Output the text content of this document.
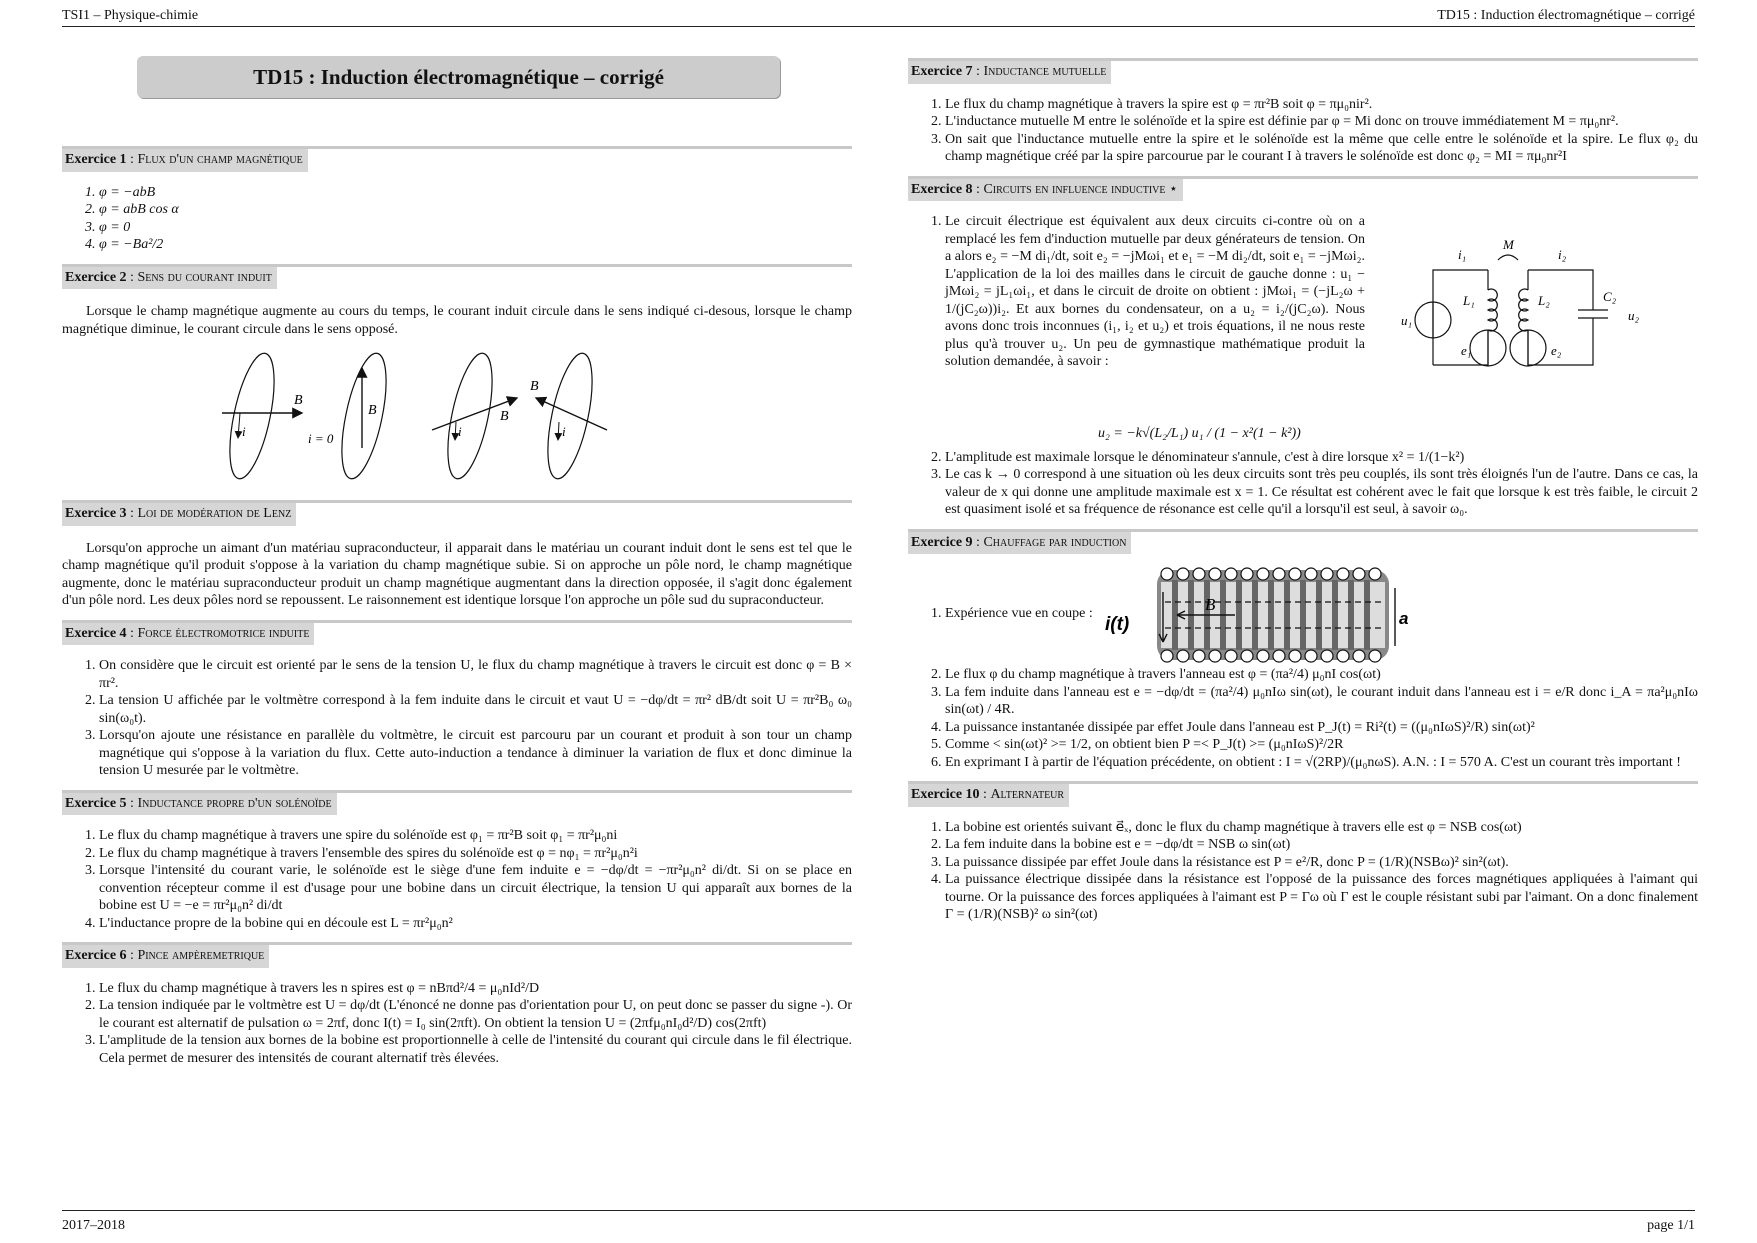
TSI1 – Physique-chimie	TD15 : Induction électromagnétique – corrigé
TD15 : Induction électromagnétique – corrigé
Exercice 1 : Flux d'un champ magnétique
1. φ = −abB
2. φ = abB cos α
3. φ = 0
4. φ = −Ba²/2
Exercice 2 : Sens du courant induit

Lorsque le champ magnétique augmente au cours du temps, le courant induit circule dans le sens indiqué ci-desous, lorsque le champ magnétique diminue, le courant circule dans le sens opposé.

B⃗
i
B⃗
i = 0
B⃗
i
B⃗
i
Exercice 3 : Loi de modération de Lenz

Lorsqu'on approche un aimant d'un matériau supraconducteur, il apparait dans le matériau un courant induit dont le sens est tel que le champ magnétique qu'il produit s'oppose à la variation du champ magnétique subie. Si on approche un pôle nord, le champ magnétique augmente, donc le matériau supraconducteur produit un champ magnétique augmentant dans la direction opposée, il s'agit donc également d'un pôle nord. Les deux pôles nord se repoussent. Le raisonnement est identique lorsque l'on approche un pôle sud du supraconducteur.

Exercice 4 : Force électromotrice induite
1. On considère que le circuit est orienté par le sens de la tension U, le flux du champ magnétique à travers le circuit est donc φ = B × πr².
2. La tension U affichée par le voltmètre correspond à la fem induite dans le circuit et vaut U = −dφ/dt = πr² dB/dt soit U = πr²B₀ ω₀ sin(ω₀t).
3. Lorsqu'on ajoute une résistance en parallèle du voltmètre, le circuit est parcouru par un courant et produit à son tour un champ magnétique qui s'oppose à la variation du flux. Cette auto-induction a tendance à diminuer la variation de flux et donc diminue la tension U mesurée par le voltmètre.
Exercice 5 : Inductance propre d'un solénoïde
1. Le flux du champ magnétique à travers une spire du solénoïde est φ₁ = πr²B soit φ₁ = πr²μ₀ni
2. Le flux du champ magnétique à travers l'ensemble des spires du solénoïde est φ = nφ₁ = πr²μ₀n²i
3. Lorsque l'intensité du courant varie, le solénoïde est le siège d'une fem induite e = −dφ/dt = −πr²μ₀n² di/dt. Si on se place en convention récepteur comme il est d'usage pour une bobine dans un circuit électrique, la tension U qui apparaît aux bornes de la bobine est U = −e = πr²μ₀n² di/dt
4. L'inductance propre de la bobine qui en découle est L = πr²μ₀n²
Exercice 6 : Pince ampèremetrique
1. Le flux du champ magnétique à travers les n spires est φ = nBπd²/4 = μ₀nId²/D
2. La tension indiquée par le voltmètre est U = dφ/dt (L'énoncé ne donne pas d'orientation pour U, on peut donc se passer du signe -). Or le courant est alternatif de pulsation ω = 2πf, donc I(t) = I₀ sin(2πft). On obtient la tension U = (2πfμ₀nI₀d²/D) cos(2πft)
3. L'amplitude de la tension aux bornes de la bobine est proportionnelle à celle de l'intensité du courant qui circule dans le fil électrique. Cela permet de mesurer des intensités de courant alternatif très élevées.
Exercice 7 : Inductance mutuelle
1. Le flux du champ magnétique à travers la spire est φ = πr²B soit φ = πμ₀nir².
2. L'inductance mutuelle M entre le solénoïde et la spire est définie par φ = Mi donc on trouve immédiatement M = πμ₀nr².
3. On sait que l'inductance mutuelle entre la spire et le solénoïde est la même que celle entre le solénoïde et la spire. Le flux φ₂ du champ magnétique créé par la spire parcourue par le courant I à travers le solénoïde est donc φ₂ = MI = πμ₀nr²I
Exercice 8 : Circuits en influence inductive ⋆
1. Le circuit électrique est équivalent aux deux circuits ci-contre où on a remplacé les fem d'induction mutuelle par deux générateurs de tension. On a alors e₂ = −M di₁/dt, soit e₂ = −jMωi₁ et e₁ = −M di₂/dt, soit e₁ = −jMωi₂. L'application de la loi des mailles dans le circuit de gauche donne : u₁ − jMωi₂ = jL₁ωi₁, et dans le circuit de droite on obtient : jMωi₁ = (−jL₂ω + 1/(jC₂ω))i₂. Et aux bornes du condensateur, on a u₂ = i₂/(jC₂ω). Nous avons donc trois inconnues (i₁, i₂ et u₂) et trois équations, il ne nous reste plus qu'à trouver u₂. Un peu de gymnastique mathématique produit la solution demandée, à savoir :
i₁	i₂
M
L₁	L₂	C₂
u₁	u₂
e₁	e₂
u₂ = −k√(L₂/L₁) u₁ / (1 − x²(1 − k²))
2. L'amplitude est maximale lorsque le dénominateur s'annule, c'est à dire lorsque x² = 1/(1−k²)
3. Le cas k → 0 correspond à une situation où les deux circuits sont très peu couplés, ils sont très éloignés l'un de l'autre. Dans ce cas, la valeur de x qui donne une amplitude maximale est x = 1. Ce résultat est cohérent avec le fait que lorsque k est très faible, le circuit 2 est quasiment isolé et sa fréquence de résonance est celle qu'il a lorsqu'il est seul, à savoir ω₀.
Exercice 9 : Chauffage par induction
1. Expérience vue en coupe :
i(t)
B⃗
a
2. Le flux φ du champ magnétique à travers l'anneau est φ = (πa²/4) μ₀nI cos(ωt)
3. La fem induite dans l'anneau est e = −dφ/dt = (πa²/4) μ₀nIω sin(ωt), le courant induit dans l'anneau est i = e/R donc i_A = πa²μ₀nIω sin(ωt) / 4R.
4. La puissance instantanée dissipée par effet Joule dans l'anneau est P_J(t) = Ri²(t) = ((μ₀nIωS)²/R) sin(ωt)²
5. Comme < sin(ωt)² >= 1/2, on obtient bien P =< P_J(t) >= (μ₀nIωS)²/2R
6. En exprimant I à partir de l'équation précédente, on obtient : I = √(2RP)/(μ₀nωS). A.N. : I = 570 A. C'est un courant très important !
Exercice 10 : Alternateur
1. La bobine est orientés suivant e⃗ₓ, donc le flux du champ magnétique à travers elle est φ = NSB cos(ωt)
2. La fem induite dans la bobine est e = −dφ/dt = NSB ω sin(ωt)
3. La puissance dissipée par effet Joule dans la résistance est P = e²/R, donc P = (1/R)(NSBω)² sin²(ωt).
4. La puissance électrique dissipée dans la résistance est l'opposé de la puissance des forces magnétiques appliquées à l'aimant qui tourne. Or la puissance des forces appliquées à l'aimant est P = Γω où Γ est le couple résistant subi par l'aimant. On a donc finalement Γ = (1/R)(NSB)² ω sin²(ωt)
2017–2018	page 1/1
